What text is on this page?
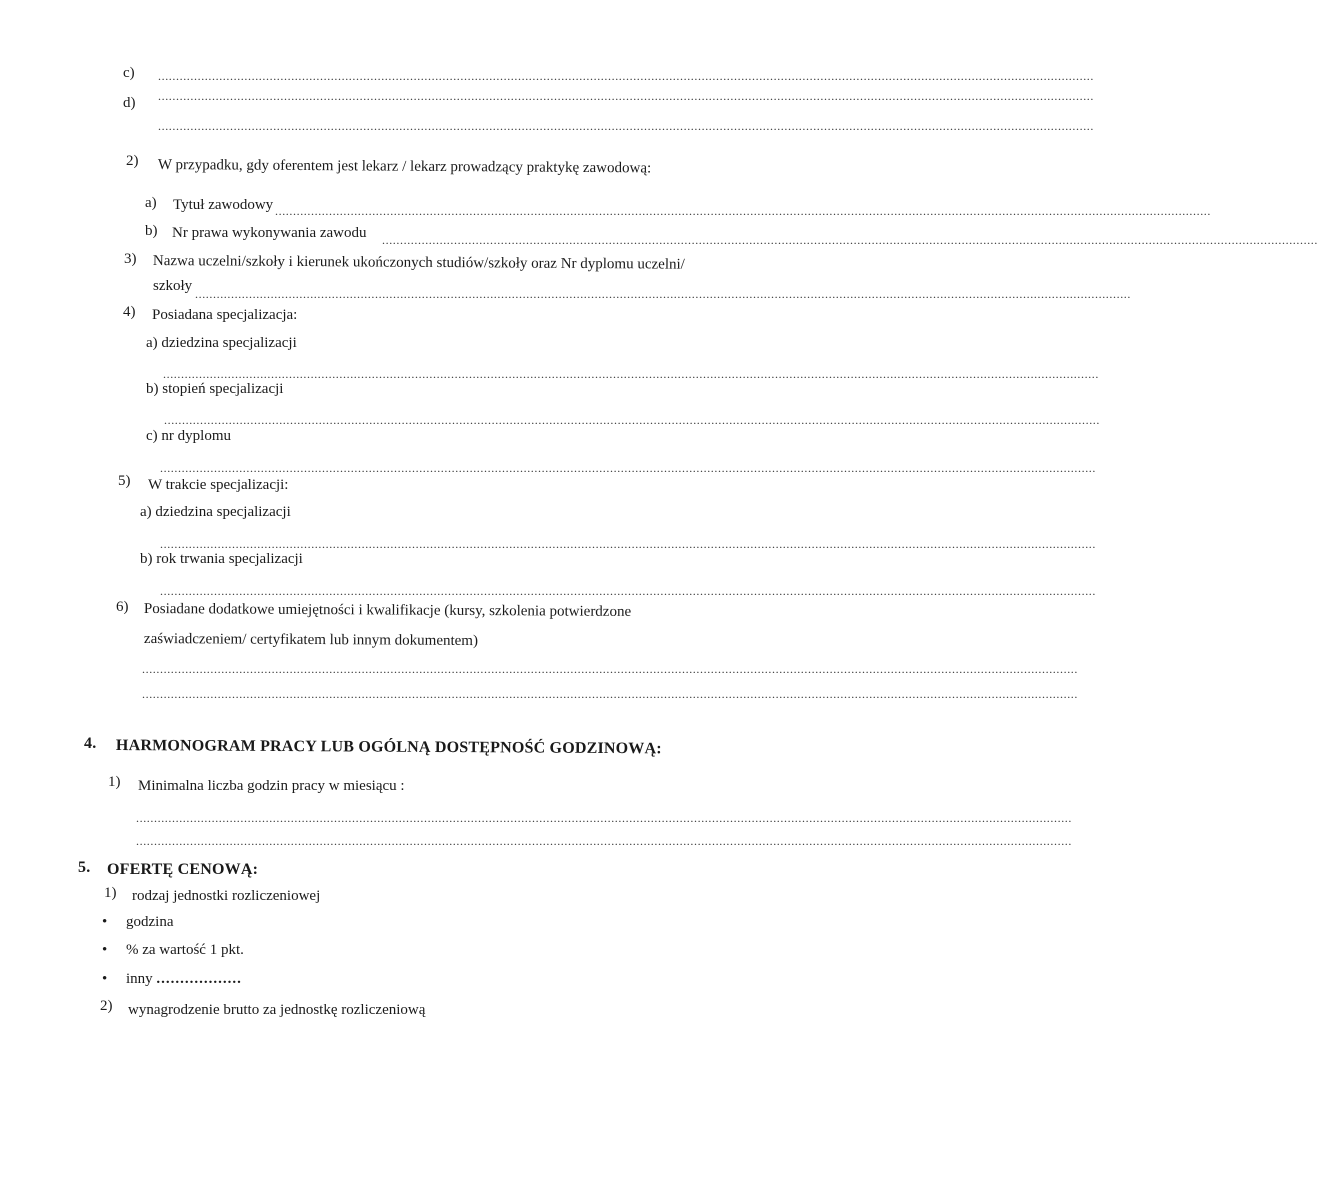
c) ....................................................................................................................................................................................................................................................................
d) ....................................................................................................................................................................................................................................................................
....................................................................................................................................................................................................................................................................
2) W przypadku, gdy oferentem jest lekarz / lekarz prowadzący praktykę zawodową:
a) Tytuł zawodowy ....................................................................................................................................................................................................................................................................
b) Nr prawa wykonywania zawodu ....................................................................................................................................................................................................................................................................
3) Nazwa uczelni/szkoły i kierunek ukończonych studiów/szkoły oraz Nr dyplomu uczelni/
szkoły ....................................................................................................................................................................................................................................................................
4) Posiadana specjalizacja:
a) dziedzina specjalizacji
....................................................................................................................................................................................................................................................................
b) stopień specjalizacji
....................................................................................................................................................................................................................................................................
c) nr dyplomu
....................................................................................................................................................................................................................................................................
5) W trakcie specjalizacji:
a) dziedzina specjalizacji
....................................................................................................................................................................................................................................................................
b) rok trwania specjalizacji
....................................................................................................................................................................................................................................................................
6) Posiadane dodatkowe umiejętności i kwalifikacje (kursy, szkolenia potwierdzone
zaświadczeniem/ certyfikatem lub innym dokumentem)
....................................................................................................................................................................................................................................................................
....................................................................................................................................................................................................................................................................
4. HARMONOGRAM PRACY LUB OGÓLNĄ DOSTĘPNOŚĆ GODZINOWĄ:
1) Minimalna liczba godzin pracy w miesiącu :
....................................................................................................................................................................................................................................................................
....................................................................................................................................................................................................................................................................
5. OFERTĘ CENOWĄ:
1) rodzaj jednostki rozliczeniowej
• godzina
• % za wartość 1 pkt.
• inny ..................
2) wynagrodzenie brutto za jednostkę rozliczeniową
